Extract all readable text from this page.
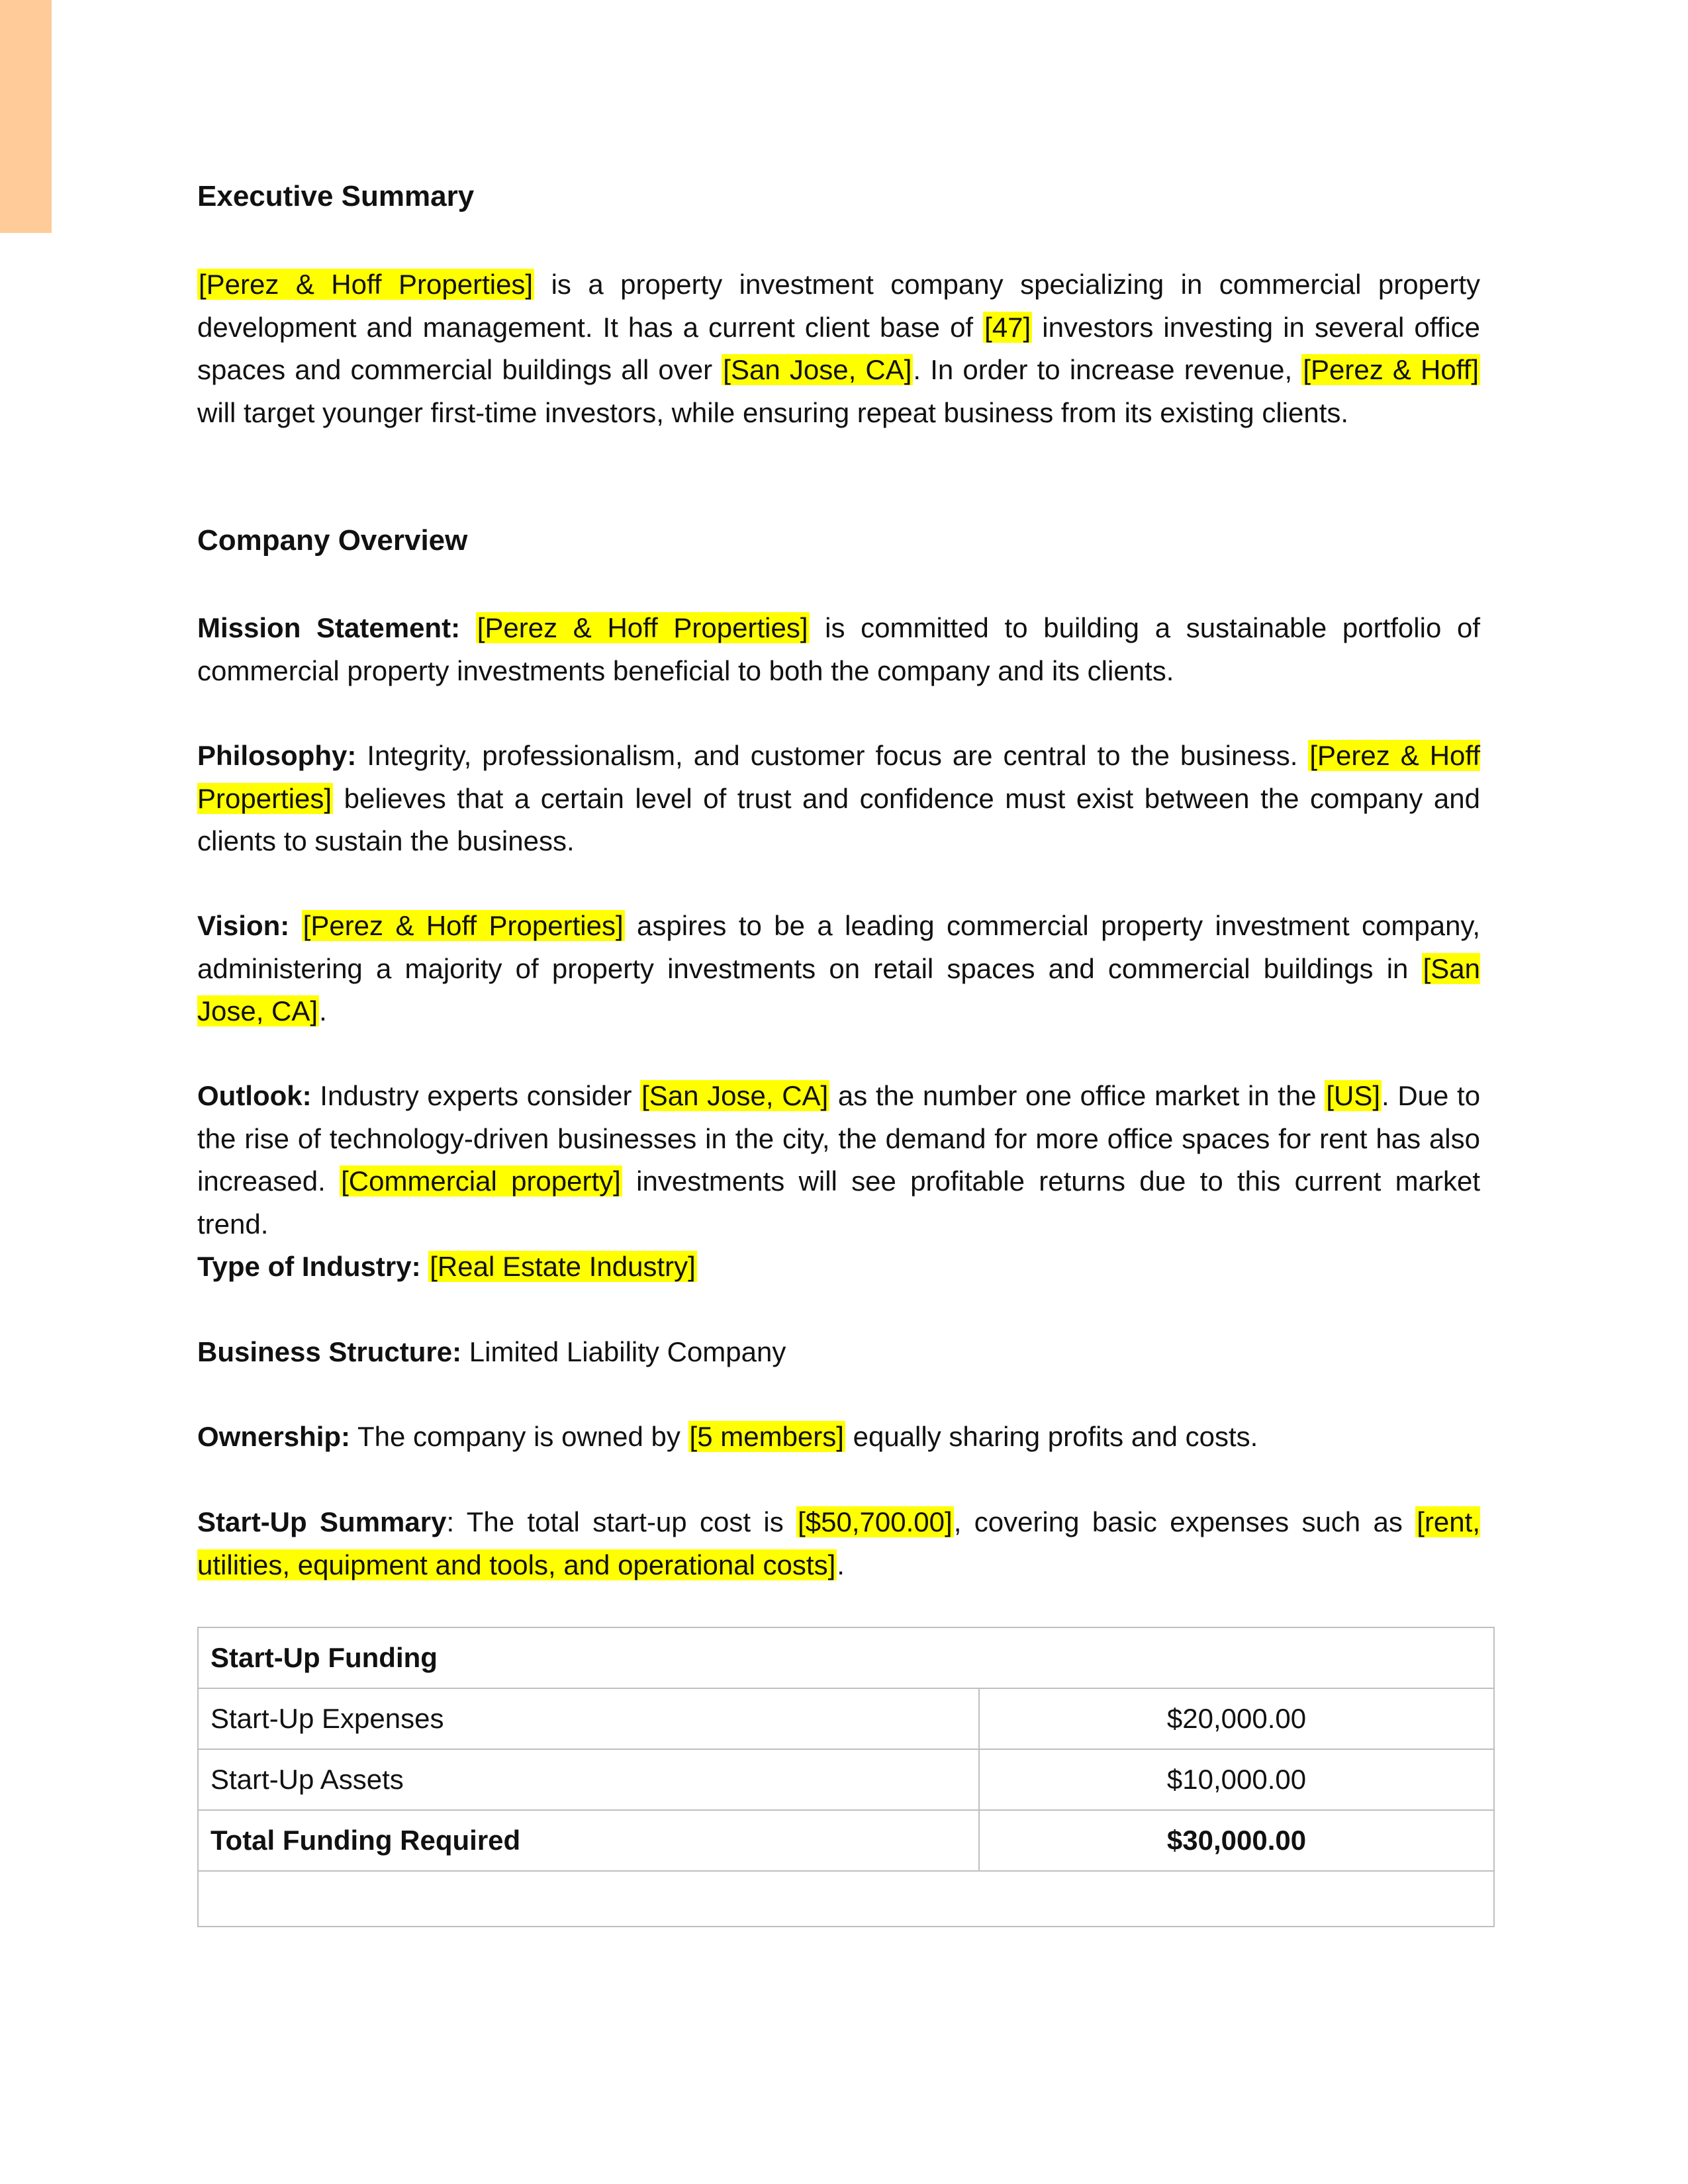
Executive Summary

[Perez & Hoff Properties] is a property investment company specializing in commercial property development and management. It has a current client base of [47] investors investing in several office spaces and commercial buildings all over [San Jose, CA]. In order to increase revenue, [Perez & Hoff] will target younger first-time investors, while ensuring repeat business from its existing clients.

Company Overview

Mission Statement: [Perez & Hoff Properties] is committed to building a sustainable portfolio of commercial property investments beneficial to both the company and its clients.

Philosophy: Integrity, professionalism, and customer focus are central to the business. [Perez & Hoff Properties] believes that a certain level of trust and confidence must exist between the company and clients to sustain the business.

Vision: [Perez & Hoff Properties] aspires to be a leading commercial property investment company, administering a majority of property investments on retail spaces and commercial buildings in [San Jose, CA].

Outlook: Industry experts consider [San Jose, CA] as the number one office market in the [US]. Due to the rise of technology-driven businesses in the city, the demand for more office spaces for rent has also increased. [Commercial property] investments will see profitable returns due to this current market trend.

Type of Industry: [Real Estate Industry]

Business Structure: Limited Liability Company

Ownership: The company is owned by [5 members] equally sharing profits and costs.

Start-Up Summary: The total start-up cost is [$50,700.00], covering basic expenses such as [rent, utilities, equipment and tools, and operational costs].

Start-Up Funding	
Start-Up Expenses	$20,000.00
Start-Up Assets	$10,000.00
Total Funding Required	$30,000.00
